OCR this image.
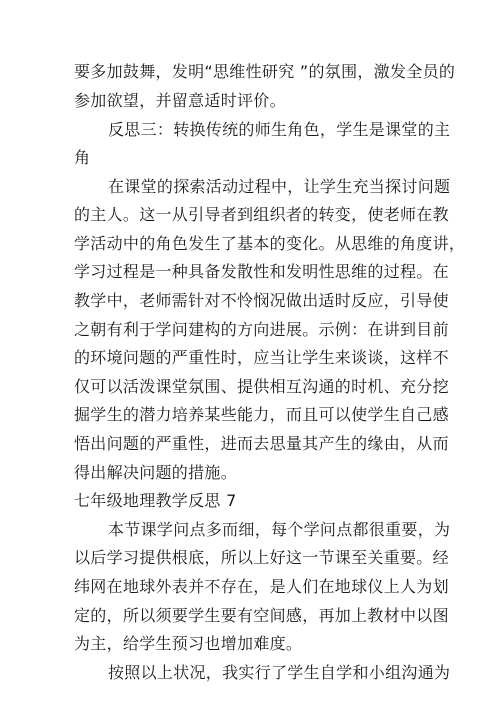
要多加鼓舞，发明“思维性研究 ”的氛围，激发全员的
参加欲望，并留意适时评价。
反思三：转换传统的师生角色，学生是课堂的主
角
在课堂的探索活动过程中，让学生充当探讨问题
的主人。这一从引导者到组织者的转变，使老师在教
学活动中的角色发生了基本的变化。从思维的角度讲，
学习过程是一种具备发散性和发明性思维的过程。在
教学中，老师需针对不怜悯况做出适时反应，引导使
之朝有利于学问建构的方向进展。示例：在讲到目前
的环境问题的严重性时，应当让学生来谈谈，这样不
仅可以活泼课堂氛围、提供相互沟通的时机、充分挖
掘学生的潜力培养某些能力，而且可以使学生自己感
悟出问题的严重性，进而去思量其产生的缘由，从而
得出解决问题的措施。
七年级地理教学反思 7
本节课学问点多而细，每个学问点都很重要，为
以后学习提供根底，所以上好这一节课至关重要。经
纬网在地球外表并不存在，是人们在地球仪上人为划
定的，所以须要学生要有空间感，再加上教材中以图
为主，给学生预习也增加难度。
按照以上状况，我实行了学生自学和小组沟通为
